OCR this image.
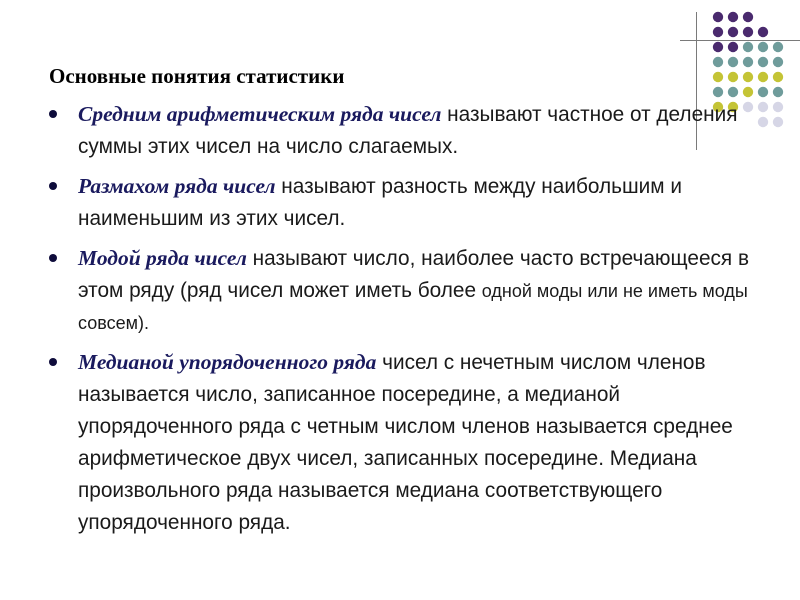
Основные понятия статистики
Средним арифметическим ряда чисел называют частное от деления суммы этих чисел на число слагаемых.
Размахом ряда чисел называют разность между наибольшим и наименьшим из этих чисел.
Модой ряда чисел называют число, наиболее часто встречающееся в этом ряду (ряд чисел может иметь более одной моды или не иметь моды совсем).
Медианой упорядоченного ряда чисел с нечетным числом членов называется число, записанное посередине, а медианой упорядоченного ряда с четным числом членов называется среднее арифметическое двух чисел, записанных посередине. Медиана произвольного ряда называется медиана соответствующего упорядоченного ряда.
